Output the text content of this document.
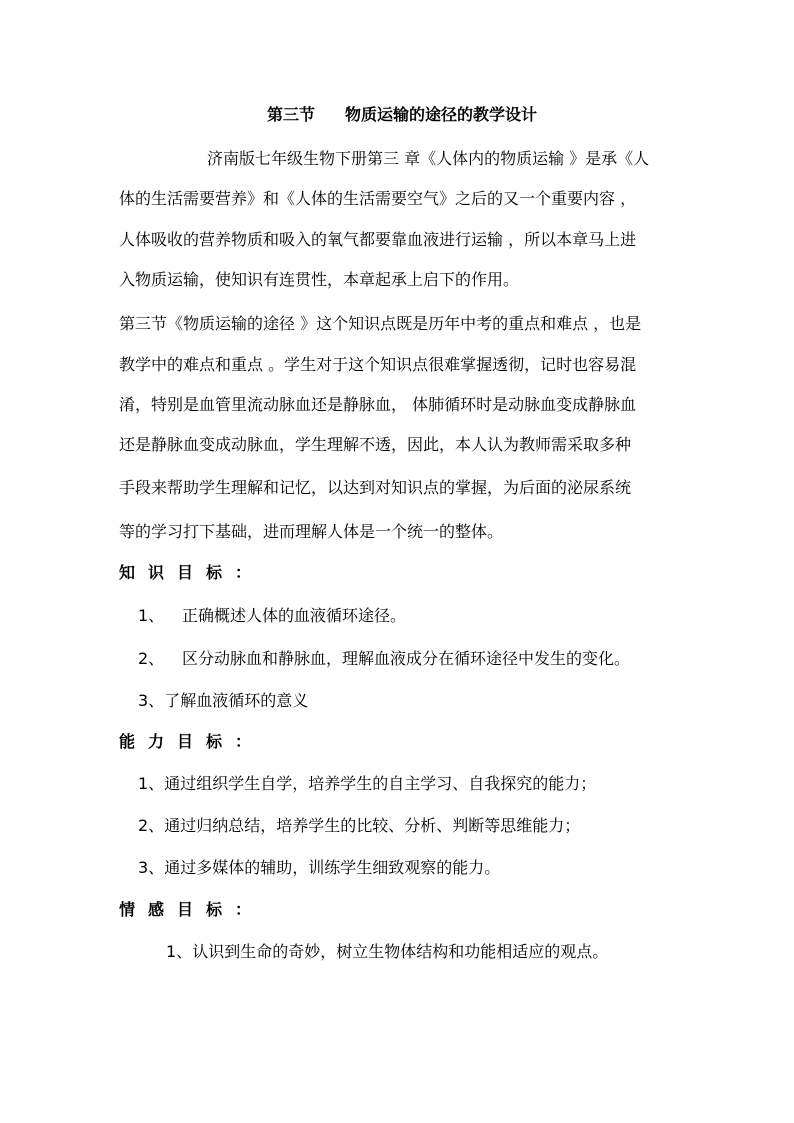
第三节 物质运输的途径的教学设计
济南版七年级生物下册第三 章《人体内的物质运输 》是承《人
体的生活需要营养》和《人体的生活需要空气》之后的又一个重要内容 ，
人体吸收的营养物质和吸入的氧气都要靠血液进行运输 ，所以本章马上进
入物质运输，使知识有连贯性，本章起承上启下的作用。
第三节《物质运输的途径 》这个知识点既是历年中考的重点和难点 ，也是
教学中的难点和重点 。学生对于这个知识点很难掌握透彻，记时也容易混
淆，特别是血管里流动脉血还是静脉血， 体肺循环时是动脉血变成静脉血
还是静脉血变成动脉血，学生理解不透，因此，本人认为教师需采取多种
手段来帮助学生理解和记忆，以达到对知识点的掌握，为后面的泌尿系统
等的学习打下基础，进而理解人体是一个统一的整体。
知识目标：
1、 正确概述人体的血液循环途径。
2、 区分动脉血和静脉血，理解血液成分在循环途径中发生的变化。
3、了解血液循环的意义
能力目标：
1、通过组织学生自学，培养学生的自主学习、自我探究的能力；
2、通过归纳总结，培养学生的比较、分析、判断等思维能力；
3、通过多媒体的辅助，训练学生细致观察的能力。
情感目标：
1、认识到生命的奇妙，树立生物体结构和功能相适应的观点。
